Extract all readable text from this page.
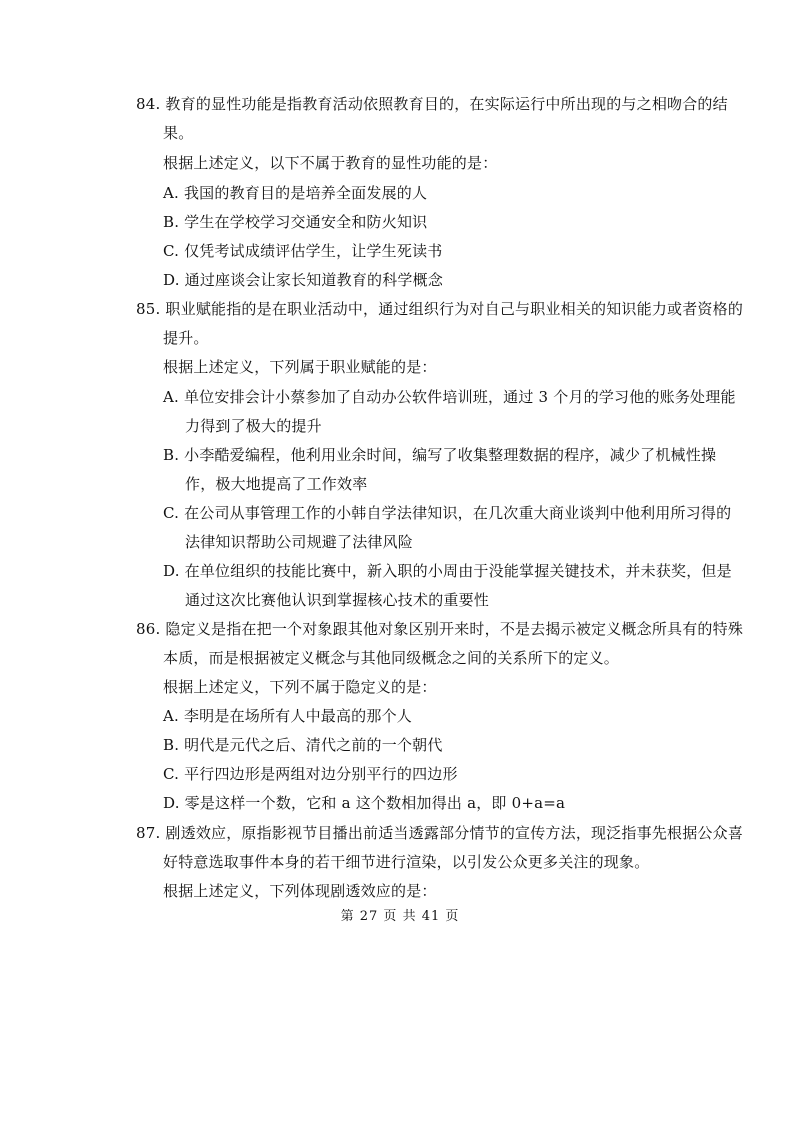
84. 教育的显性功能是指教育活动依照教育目的，在实际运行中所出现的与之相吻合的结
果。
根据上述定义，以下不属于教育的显性功能的是：
A. 我国的教育目的是培养全面发展的人
B. 学生在学校学习交通安全和防火知识
C. 仅凭考试成绩评估学生，让学生死读书
D. 通过座谈会让家长知道教育的科学概念
85. 职业赋能指的是在职业活动中，通过组织行为对自己与职业相关的知识能力或者资格的
提升。
根据上述定义，下列属于职业赋能的是：
A. 单位安排会计小蔡参加了自动办公软件培训班，通过 3 个月的学习他的账务处理能
力得到了极大的提升
B. 小李酷爱编程，他利用业余时间，编写了收集整理数据的程序，减少了机械性操
作，极大地提高了工作效率
C. 在公司从事管理工作的小韩自学法律知识，在几次重大商业谈判中他利用所习得的
法律知识帮助公司规避了法律风险
D. 在单位组织的技能比赛中，新入职的小周由于没能掌握关键技术，并未获奖，但是
通过这次比赛他认识到掌握核心技术的重要性
86. 隐定义是指在把一个对象跟其他对象区别开来时，不是去揭示被定义概念所具有的特殊
本质，而是根据被定义概念与其他同级概念之间的关系所下的定义。
根据上述定义，下列不属于隐定义的是：
A. 李明是在场所有人中最高的那个人
B. 明代是元代之后、清代之前的一个朝代
C. 平行四边形是两组对边分别平行的四边形
D. 零是这样一个数，它和 a 这个数相加得出 a，即 0+a=a
87. 剧透效应，原指影视节目播出前适当透露部分情节的宣传方法，现泛指事先根据公众喜
好特意选取事件本身的若干细节进行渲染，以引发公众更多关注的现象。
根据上述定义，下列体现剧透效应的是：
第 27 页 共 41 页
